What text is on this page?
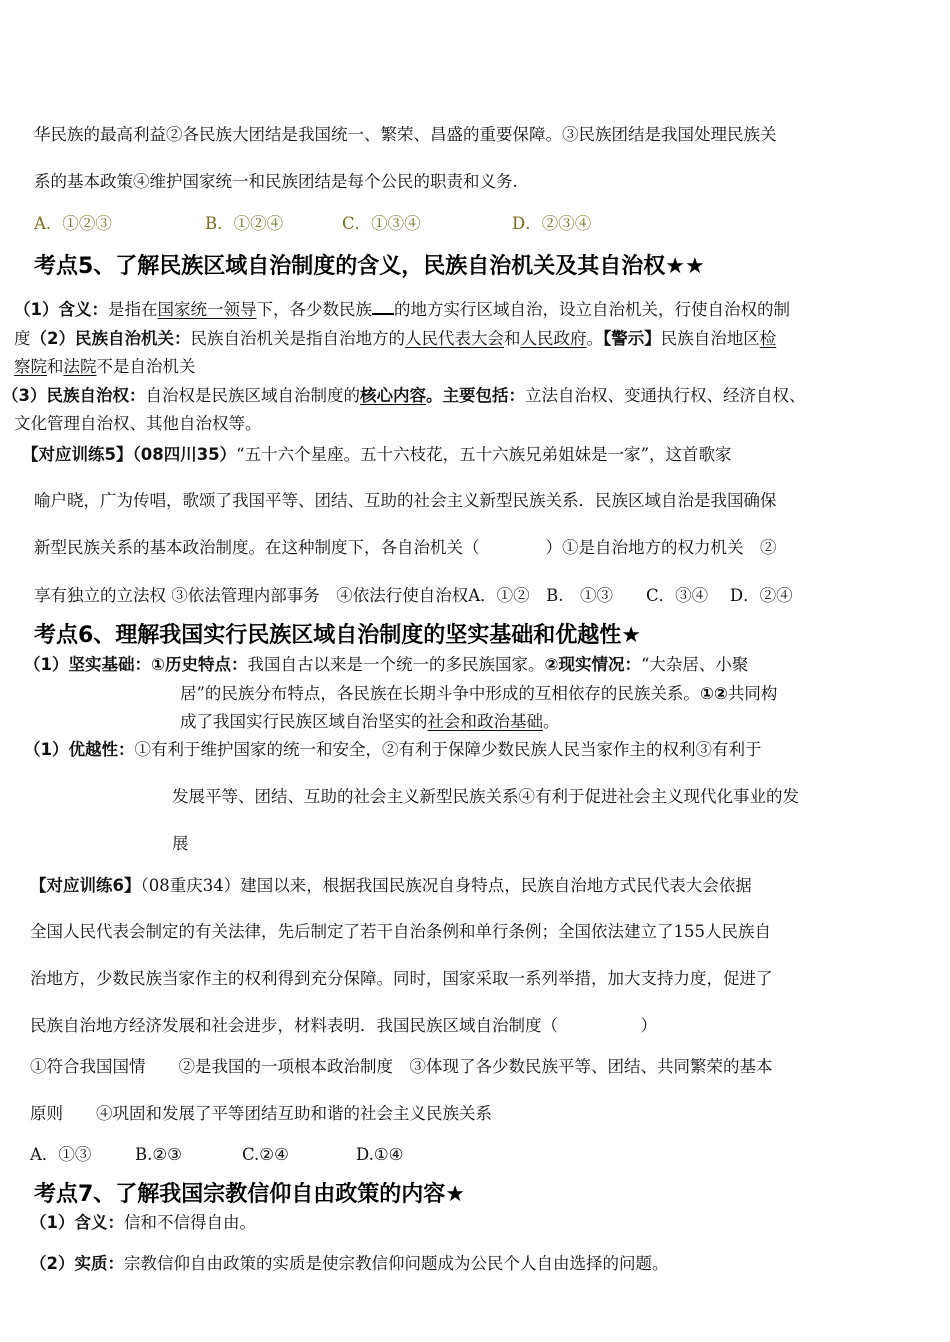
华民族的最高利益②各民族大团结是我国统一、繁荣、昌盛的重要保障。③民族团结是我国处理民族关
系的基本政策④维护国家统一和民族团结是每个公民的职责和义务.
A．①②③	B．①②④	C．①③④	D．②③④
考点5、了解民族区域自治制度的含义，民族自治机关及其自治权★★
（1）含义：是指在国家统一领导下，各少数民族 的地方实行区域自治，设立自治机关，行使自治权的制
度（2）民族自治机关：民族自治机关是指自治地方的人民代表大会和人民政府。【警示】民族自治地区检
察院和法院不是自治机关
（3）民族自治权：自治权是民族区域自治制度的核心内容。主要包括：立法自治权、变通执行权、经济自权、
文化管理自治权、其他自治权等。
【对应训练5】（08四川35）“五十六个星座。五十六枝花，五十六族兄弟姐妹是一家”，这首歌家
喻户晓，广为传唱，歌颂了我国平等、团结、互助的社会主义新型民族关系．民族区域自治是我国确保
新型民族关系的基本政治制度。在这种制度下，各自治机关（　　　　）①是自治地方的权力机关　②
享有独立的立法权 ③依法管理内部事务　④依法行使自治权A．①②　B.　①③　　C．③④　 D．②④
考点6、理解我国实行民族区域自治制度的坚实基础和优越性★
（1）坚实基础：①历史特点：我国自古以来是一个统一的多民族国家。②现实情况：“大杂居、小聚
居”的民族分布特点，各民族在长期斗争中形成的互相依存的民族关系。①②共同构
成了我国实行民族区域自治坚实的社会和政治基础。
（1）优越性：①有利于维护国家的统一和安全，②有利于保障少数民族人民当家作主的权利③有利于
发展平等、团结、互助的社会主义新型民族关系④有利于促进社会主义现代化事业的发
展
【对应训练6】（08重庆34）建国以来，根据我国民族况自身特点，民族自治地方式民代表大会依据
全国人民代表会制定的有关法律，先后制定了若干自治条例和单行条例；全国依法建立了155人民族自
治地方，少数民族当家作主的权利得到充分保障。同时，国家采取一系列举措，加大支持力度，促进了
民族自治地方经济发展和社会进步，材料表明．我国民族区域自治制度（　　　　　）
①符合我国国情　　②是我国的一项根本政治制度　③体现了各少数民族平等、团结、共同繁荣的基本
原则　　④巩固和发展了平等团结互助和谐的社会主义民族关系
A．①③	B.②③	C.②④	D.①④
考点7、了解我国宗教信仰自由政策的内容★
（1）含义：信和不信得自由。
（2）实质：宗教信仰自由政策的实质是使宗教信仰问题成为公民个人自由选择的问题。
